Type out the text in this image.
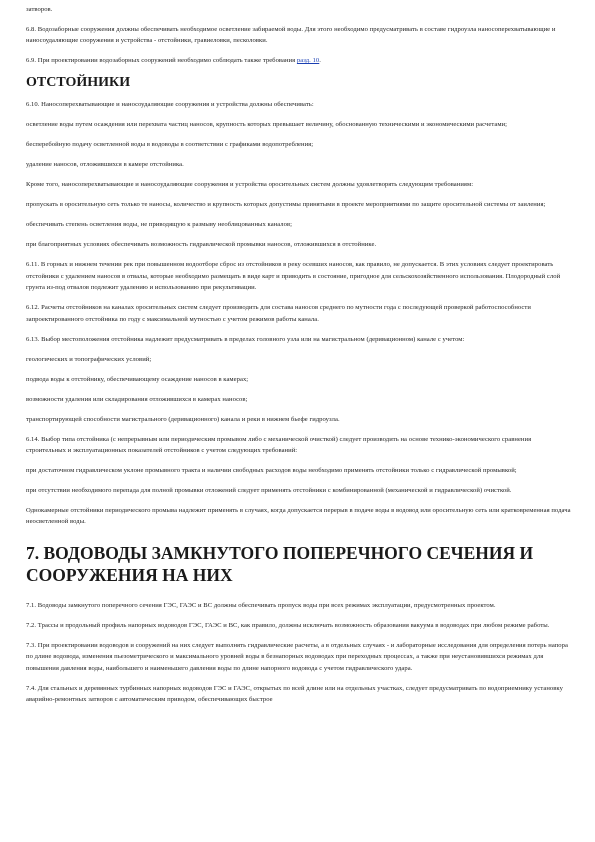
затворов.

6.8. Водозаборные сооружения должны обеспечивать необходимое осветление забираемой воды. Для этого необходимо предусматривать в составе гидроузла наносоперехватывающие и наносоудаляющие сооружения и устройства - отстойники, гравиеловки, песколовки.

6.9. При проектировании водозаборных сооружений необходимо соблюдать также требования разд. 10.

ОТСТОЙНИКИ

6.10. Наносоперехватывающие и наносоудаляющие сооружения и устройства должны обеспечивать:

осветление воды путем осаждения или перехвата частиц наносов, крупность которых превышает величину, обоснованную техническими и экономическими расчетами;

бесперебойную подачу осветленной воды в водоводы в соответствии с графиками водопотребления;

удаление наносов, отложившихся в камере отстойника.

Кроме того, наносоперехватывающие и наносоудаляющие сооружения и устройства оросительных систем должны удовлетворять следующим требованиям:

пропускать в оросительную сеть только те наносы, количество и крупность которых допустимы принятыми в проекте мероприятиями по защите оросительной системы от заиления;

обеспечивать степень осветления воды, не приводящую к размыву необлицованных каналов;

при благоприятных условиях обеспечивать возможность гидравлической промывки наносов, отложившихся в отстойнике.

6.11. В горных и нижнем течении рек при повышенном водоотборе сброс из отстойников в реку осевших наносов, как правило, не допускается. В этих условиях следует проектировать отстойники с удалением наносов в отвалы, которые необходимо размещать в виде карт и приводить в состояние, пригодное для сельскохозяйственного использования. Плодородный слой грунта из-под отвалов подлежит удалению и использованию при рекультивации.

6.12. Расчеты отстойников на каналах оросительных систем следует производить для состава наносов среднего по мутности года с последующей проверкой работоспособности запроектированного отстойника по году с максимальной мутностью с учетом режимов работы канала.

6.13. Выбор местоположения отстойника надлежит предусматривать в пределах головного узла или на магистральном (деривационном) канале с учетом:

геологических и топографических условий;

подвода воды к отстойнику, обеспечивающему осаждение наносов в камерах;

возможности удаления или складирования отложившихся в камерах наносов;

транспортирующей способности магистрального (деривационного) канала и реки в нижнем бьефе гидроузла.

6.14. Выбор типа отстойника (с непрерывным или периодическим промывом либо с механической очисткой) следует производить на основе технико-экономического сравнения строительных и эксплуатационных показателей отстойников с учетом следующих требований:

при достаточном гидравлическом уклоне промывного тракта и наличии свободных расходов воды необходимо применять отстойники только с гидравлической промывкой;

при отсутствии необходимого перепада для полной промывки отложений следует применять отстойники с комбинированной (механической и гидравлической) очисткой.

Однокамерные отстойники периодического промыва надлежит применять в случаях, когда допускается перерыв в подаче воды в водовод или оросительную сеть или кратковременная подача неосветленной воды.

7. ВОДОВОДЫ ЗАМКНУТОГО ПОПЕРЕЧНОГО СЕЧЕНИЯ И СООРУЖЕНИЯ НА НИХ

7.1. Водоводы замкнутого поперечного сечения ГЭС, ГАЭС и ВС должны обеспечивать пропуск воды при всех режимах эксплуатации, предусмотренных проектом.

7.2. Трассы и продольный профиль напорных водоводов ГЭС, ГАЭС и ВС, как правило, должны исключать возможность образования вакуума в водоводах при любом режиме работы.

7.3. При проектировании водоводов и сооружений на них следует выполнять гидравлические расчеты, а в отдельных случаях - и лабораторные исследования для определения потерь напора по длине водовода, изменения пьезометрического и максимального уровней воды в безнапорных водоводах при переходных процессах, а также при неустановившихся режимах для повышения давления воды, наибольшего и наименьшего давления воды по длине напорного водовода с учетом гидравлического удара.

7.4. Для стальных и деревянных турбинных напорных водоводов ГЭС и ГАЭС, открытых по всей длине или на отдельных участках, следует предусматривать по водоприемнику установку аварийно-ремонтных затворов с автоматическим приводом, обеспечивающих быстрое
